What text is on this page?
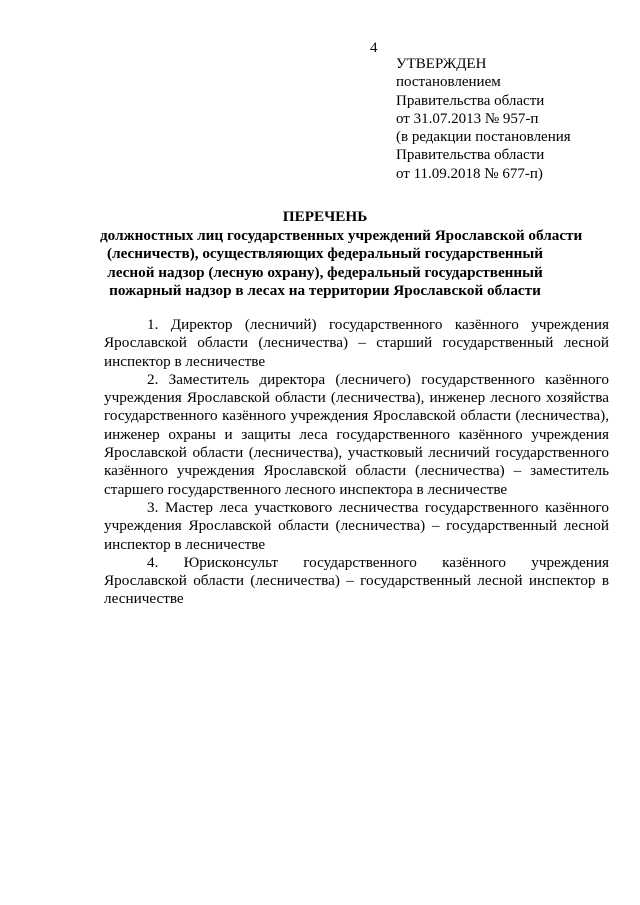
4
УТВЕРЖДЕН
постановлением
Правительства области
от 31.07.2013 № 957-п
(в редакции постановления
Правительства области
от 11.09.2018 № 677-п)
ПЕРЕЧЕНЬ
должностных лиц государственных учреждений Ярославской области
(лесничеств), осуществляющих федеральный государственный
лесной надзор (лесную охрану), федеральный государственный
пожарный надзор в лесах на территории Ярославской области

1. Директор (лесничий) государственного казённого учреждения Ярославской области (лесничества) – старший государственный лесной инспектор в лесничестве

2. Заместитель директора (лесничего) государственного казённого учреждения Ярославской области (лесничества), инженер лесного хозяйства государственного казённого учреждения Ярославской области (лесничества), инженер охраны и защиты леса государственного казённого учреждения Ярославской области (лесничества), участковый лесничий государственного казённого учреждения Ярославской области (лесничества) – заместитель старшего государственного лесного инспектора в лесничестве

3. Мастер леса участкового лесничества государственного казённого учреждения Ярославской области (лесничества) – государственный лесной инспектор в лесничестве

4. Юрисконсульт государственного казённого учреждения Ярославской области (лесничества) – государственный лесной инспектор в лесничестве
